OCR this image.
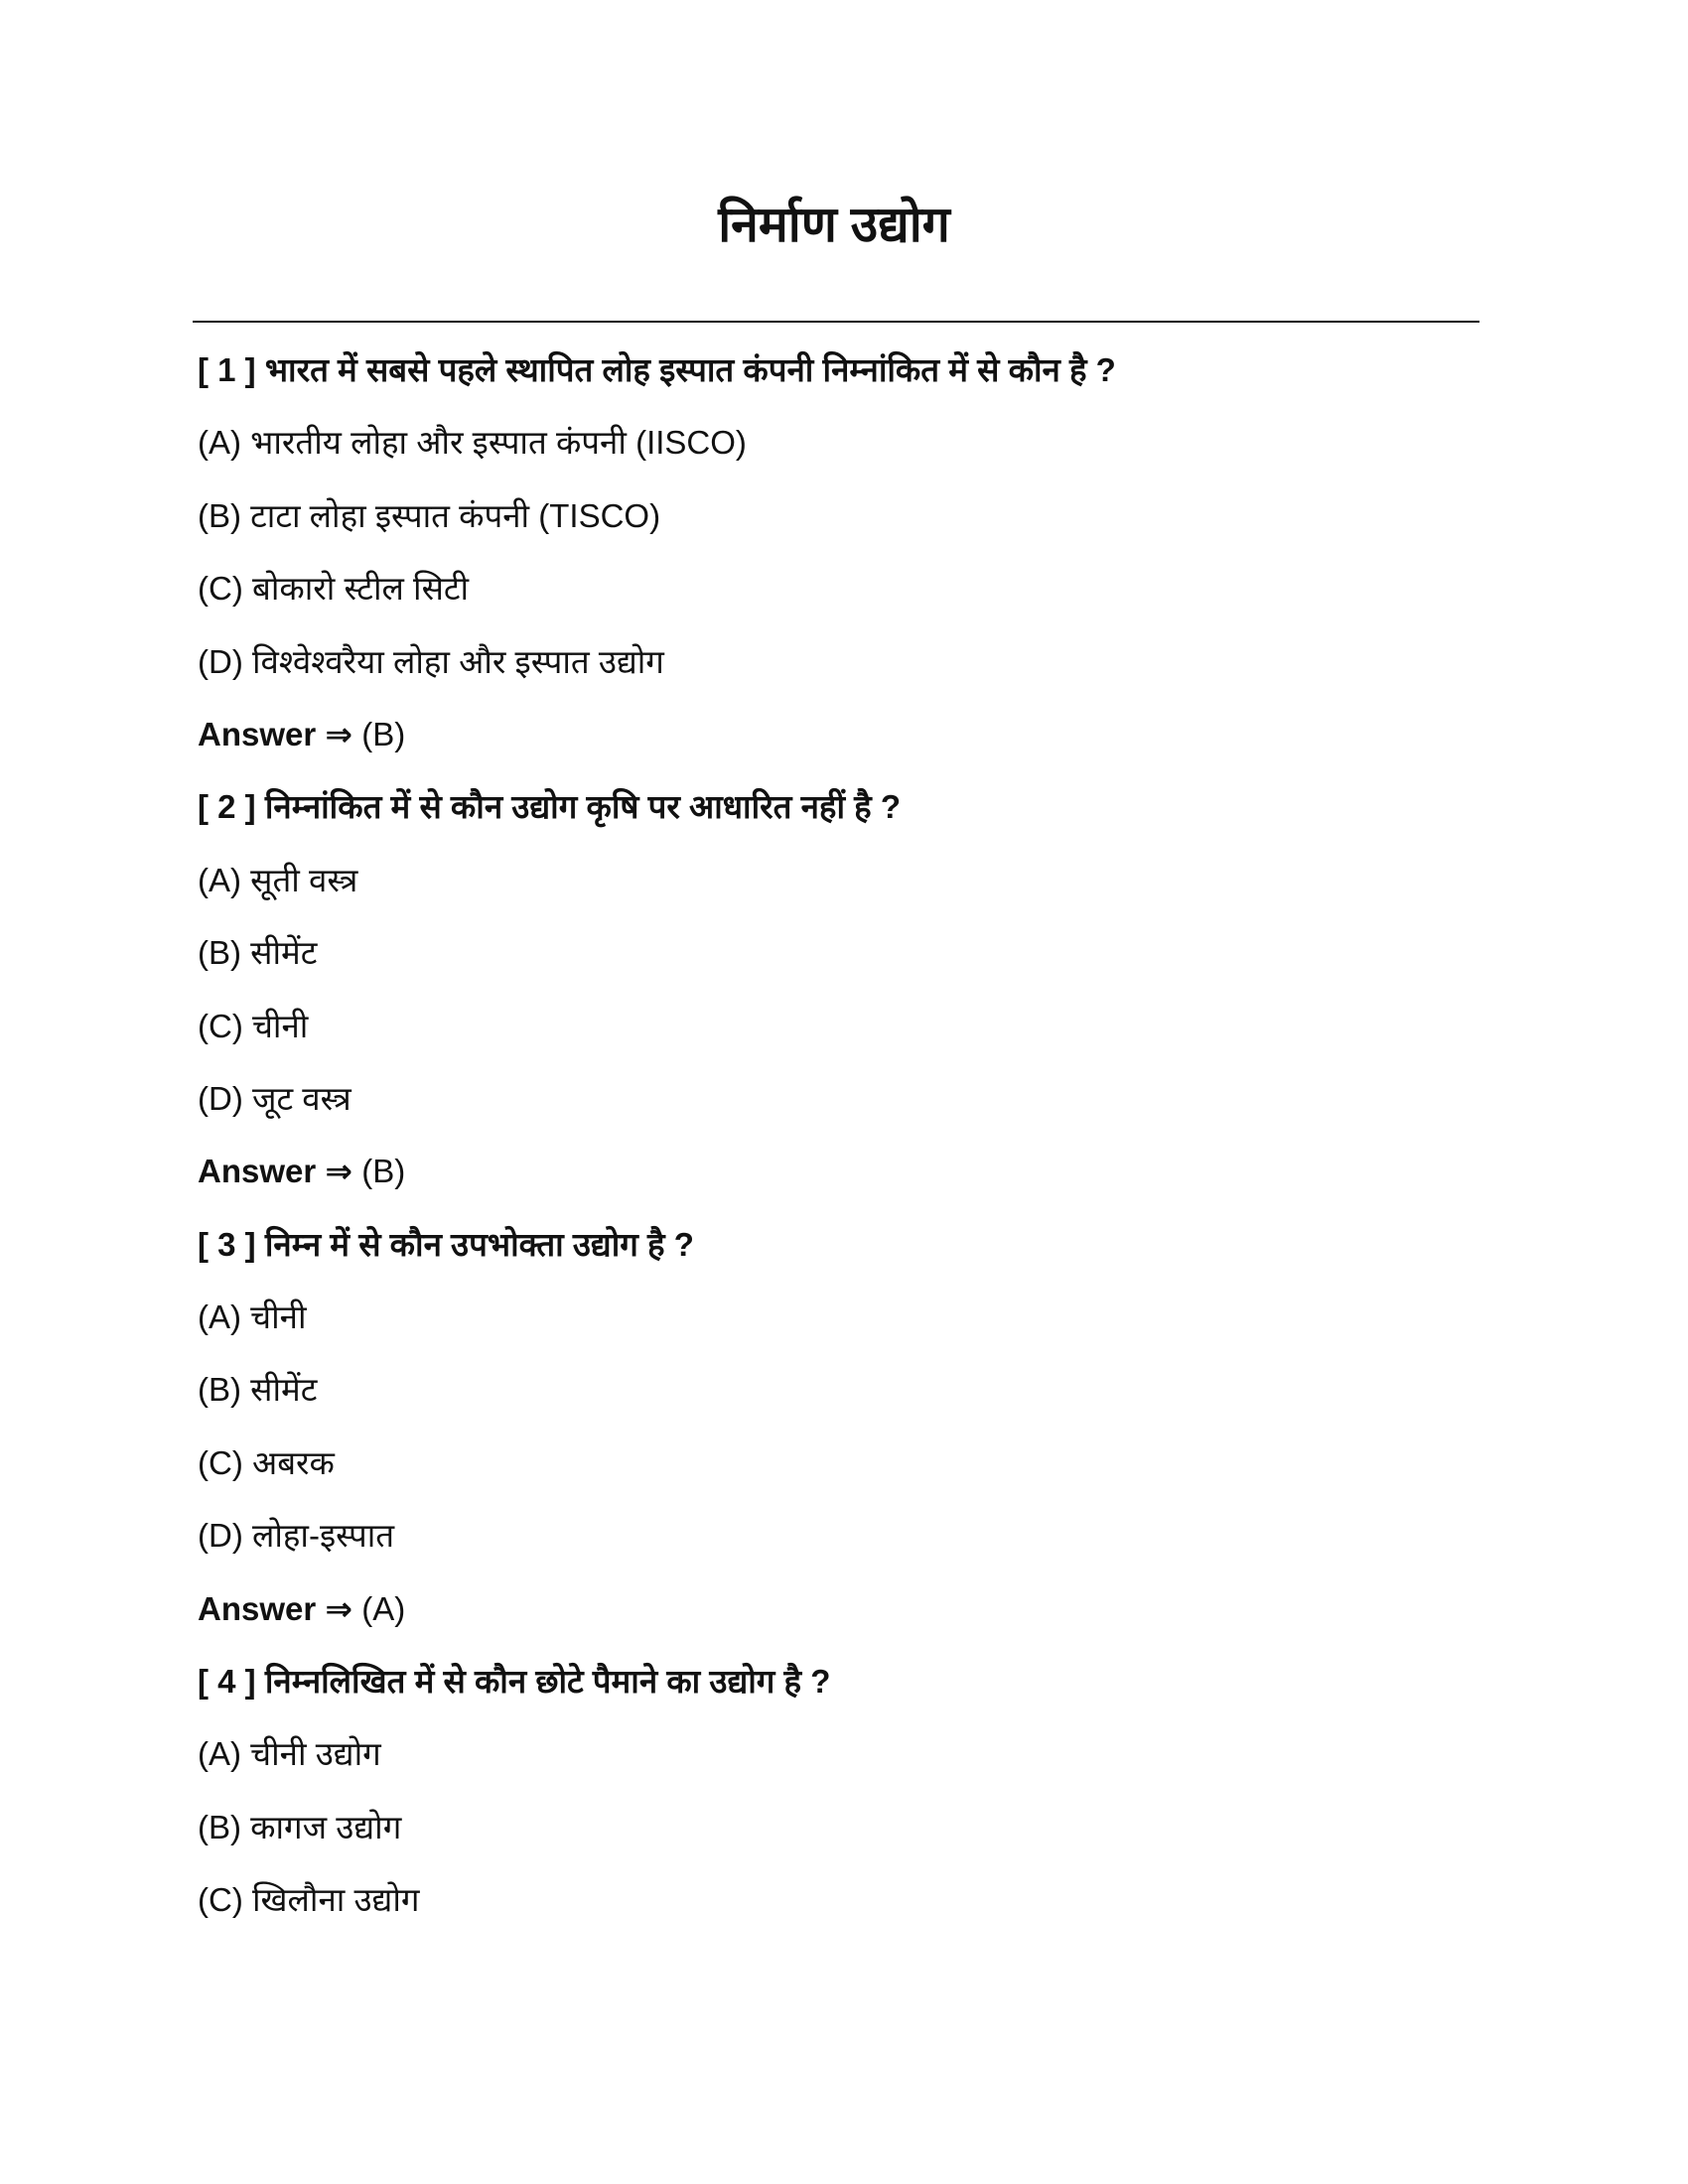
निर्माण उद्योग
[ 1 ] भारत में सबसे पहले स्थापित लोह इस्पात कंपनी निम्नांकित में से कौन है ?
(A) भारतीय लोहा और इस्पात कंपनी (IISCO)
(B) टाटा लोहा इस्पात कंपनी (TISCO)
(C) बोकारो स्टील सिटी
(D) विश्वेश्वरैया लोहा और इस्पात उद्योग
Answer ⇒ (B)
[ 2 ] निम्नांकित में से कौन उद्योग कृषि पर आधारित नहीं है ?
(A) सूती वस्त्र
(B) सीमेंट
(C) चीनी
(D) जूट वस्त्र
Answer ⇒ (B)
[ 3 ] निम्न में से कौन उपभोक्ता उद्योग है ?
(A) चीनी
(B) सीमेंट
(C) अबरक
(D) लोहा-इस्पात
Answer ⇒ (A)
[ 4 ] निम्नलिखित में से कौन छोटे पैमाने का उद्योग है ?
(A) चीनी उद्योग
(B) कागज उद्योग
(C) खिलौना उद्योग
